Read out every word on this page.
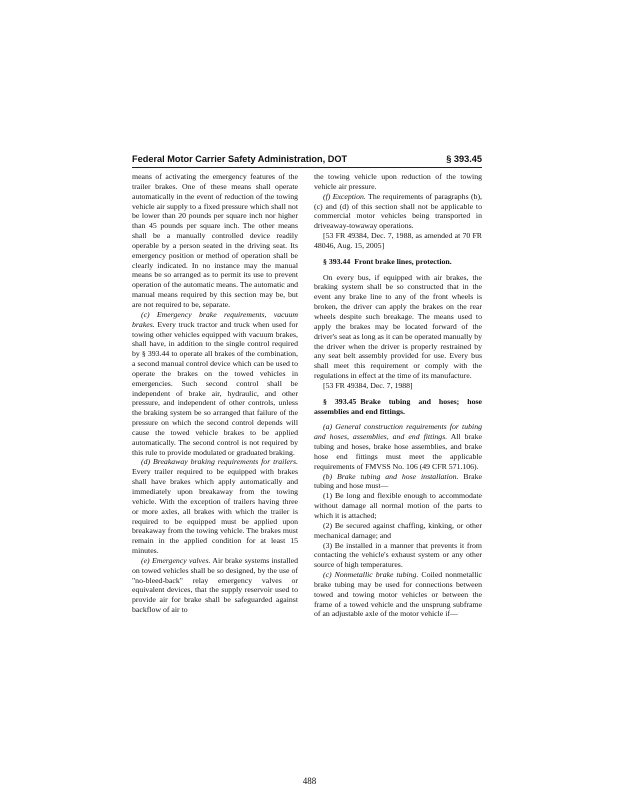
Federal Motor Carrier Safety Administration, DOT	§ 393.45

means of activating the emergency features of the trailer brakes. One of these means shall operate automatically in the event of reduction of the towing vehicle air supply to a fixed pressure which shall not be lower than 20 pounds per square inch nor higher than 45 pounds per square inch. The other means shall be a manually controlled device readily operable by a person seated in the driving seat. Its emergency position or method of operation shall be clearly indicated. In no instance may the manual means be so arranged as to permit its use to prevent operation of the automatic means. The automatic and manual means required by this section may be, but are not required to be, separate.

(c) Emergency brake requirements, vacuum brakes. Every truck tractor and truck when used for towing other vehicles equipped with vacuum brakes, shall have, in addition to the single control required by § 393.44 to operate all brakes of the combination, a second manual control device which can be used to operate the brakes on the towed vehicles in emergencies. Such second control shall be independent of brake air, hydraulic, and other pressure, and independent of other controls, unless the braking system be so arranged that failure of the pressure on which the second control depends will cause the towed vehicle brakes to be applied automatically. The second control is not required by this rule to provide modulated or graduated braking.

(d) Breakaway braking requirements for trailers. Every trailer required to be equipped with brakes shall have brakes which apply automatically and immediately upon breakaway from the towing vehicle. With the exception of trailers having three or more axles, all brakes with which the trailer is required to be equipped must be applied upon breakaway from the towing vehicle. The brakes must remain in the applied condition for at least 15 minutes.

(e) Emergency valves. Air brake systems installed on towed vehicles shall be so designed, by the use of "no-bleed-back" relay emergency valves or equivalent devices, that the supply reservoir used to provide air for brake shall be safeguarded against backflow of air to

the towing vehicle upon reduction of the towing vehicle air pressure.

(f) Exception. The requirements of paragraphs (b), (c) and (d) of this section shall not be applicable to commercial motor vehicles being transported in driveaway-towaway operations.

[53 FR 49384, Dec. 7, 1988, as amended at 70 FR 48046, Aug. 15, 2005]

§ 393.44 Front brake lines, protection.

On every bus, if equipped with air brakes, the braking system shall be so constructed that in the event any brake line to any of the front wheels is broken, the driver can apply the brakes on the rear wheels despite such breakage. The means used to apply the brakes may be located forward of the driver's seat as long as it can be operated manually by the driver when the driver is properly restrained by any seat belt assembly provided for use. Every bus shall meet this requirement or comply with the regulations in effect at the time of its manufacture.

[53 FR 49384, Dec. 7, 1988]

§ 393.45 Brake tubing and hoses; hose assemblies and end fittings.

(a) General construction requirements for tubing and hoses, assemblies, and end fittings. All brake tubing and hoses, brake hose assemblies, and brake hose end fittings must meet the applicable requirements of FMVSS No. 106 (49 CFR 571.106).

(b) Brake tubing and hose installation. Brake tubing and hose must—

(1) Be long and flexible enough to accommodate without damage all normal motion of the parts to which it is attached;

(2) Be secured against chaffing, kinking, or other mechanical damage; and

(3) Be installed in a manner that prevents it from contacting the vehicle's exhaust system or any other source of high temperatures.

(c) Nonmetallic brake tubing. Coiled nonmetallic brake tubing may be used for connections between towed and towing motor vehicles or between the frame of a towed vehicle and the unsprung subframe of an adjustable axle of the motor vehicle if—

488
